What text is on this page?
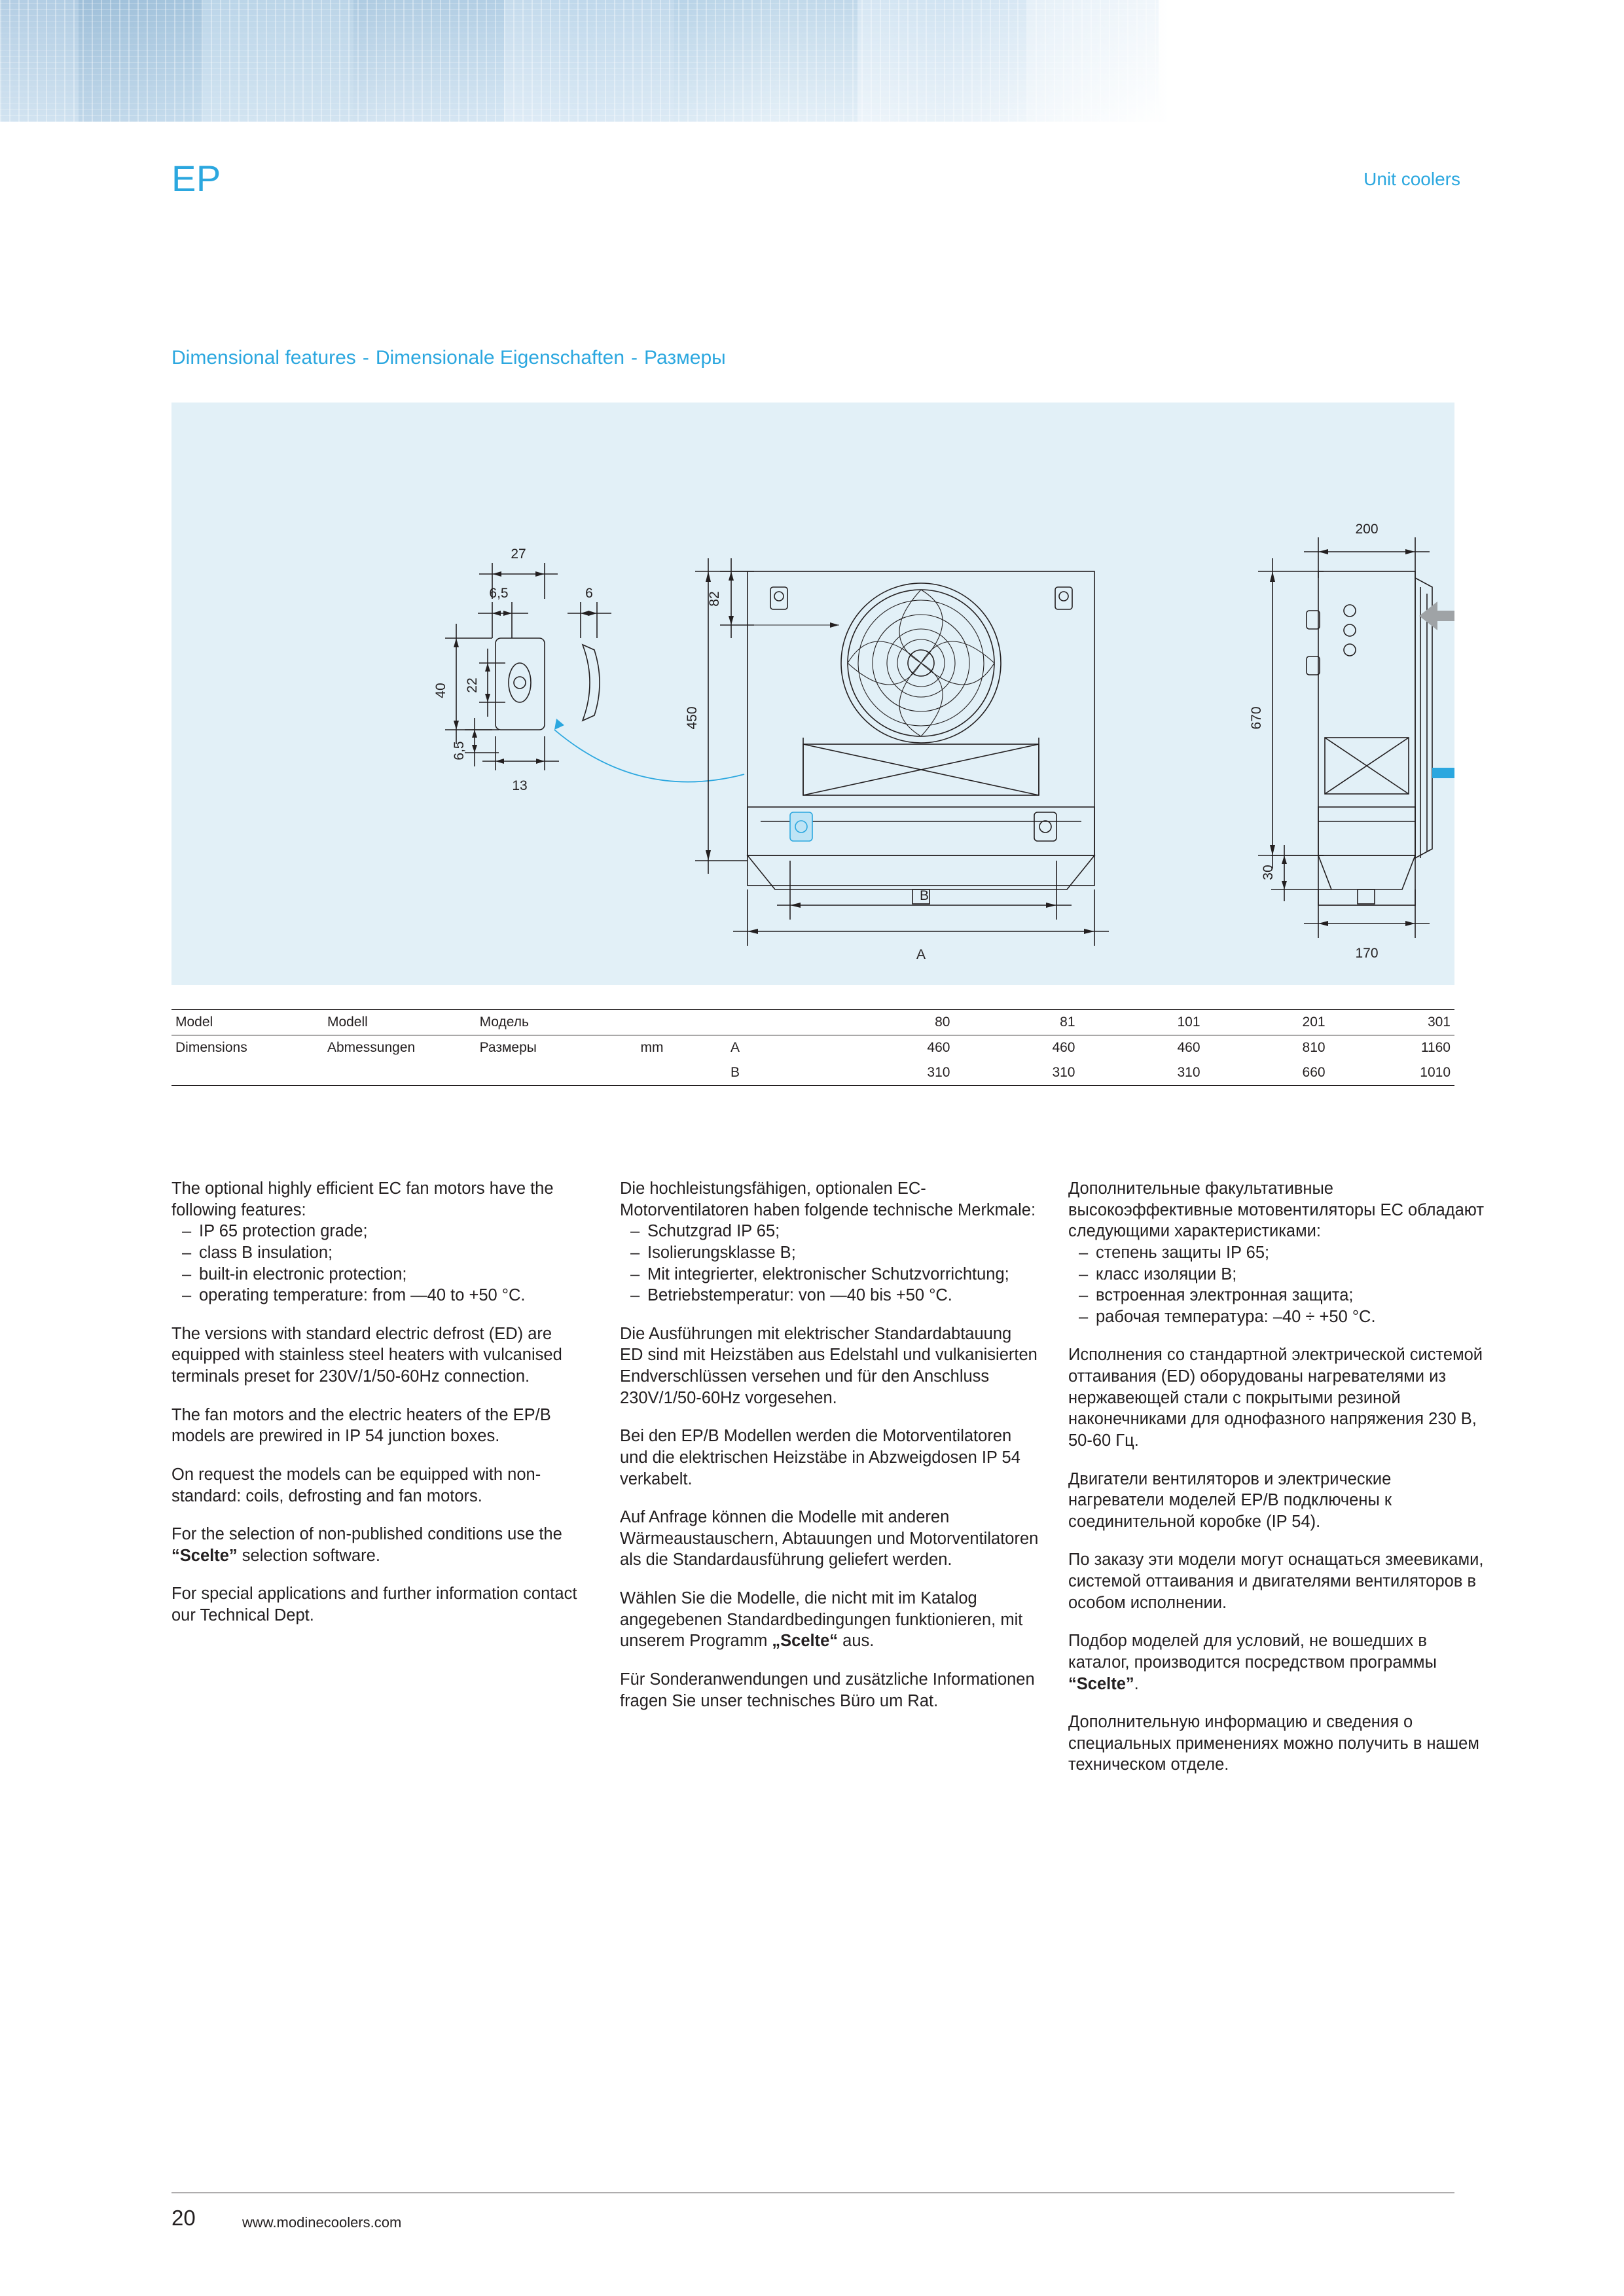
EP	Unit coolers
Dimensional features - Dimensionale Eigenschaften - Размеры
200
670
170
30
82
450
B
A
27
6,5	6
40 22
6,5
13
Model	Modell	Модель			80	81	101	201	301
Dimensions	Abmessungen	Размеры	mm	A	460	460	460	810	1160
				B	310	310	310	660	1010

The optional highly efficient EC fan motors have the following features:

– IP 65 protection grade;
– class B insulation;
– built-in electronic protection;
– operating temperature: from —40 to +50 °C.

The versions with standard electric defrost (ED) are equipped with stainless steel heaters with vulcanised terminals preset for 230V/1/50-60Hz connection.

The fan motors and the electric heaters of the EP/B models are prewired in IP 54 junction boxes.

On request the models can be equipped with non-standard: coils, defrosting and fan motors.

For the selection of non-published conditions use the “Scelte” selection software.

For special applications and further information contact our Technical Dept.

Die hochleistungsfähigen, optionalen EC-Motorventilatoren haben folgende technische Merkmale:

– Schutzgrad IP 65;
– Isolierungsklasse B;
– Mit integrierter, elektronischer Schutzvorrichtung;
– Betriebstemperatur: von —40 bis +50 °C.

Die Ausführungen mit elektrischer Standardabtauung ED sind mit Heizstäben aus Edelstahl und vulkanisierten Endverschlüssen versehen und für den Anschluss 230V/1/50-60Hz vorgesehen.

Bei den EP/B Modellen werden die Motorventilatoren und die elektrischen Heizstäbe in Abzweigdosen IP 54 verkabelt.

Auf Anfrage können die Modelle mit anderen Wärmeaustauschern, Abtauungen und Motorventilatoren als die Standardausführung geliefert werden.

Wählen Sie die Modelle, die nicht mit im Katalog angegebenen Standardbedingungen funktionieren, mit unserem Programm „Scelte“ aus.

Für Sonderanwendungen und zusätzliche Informationen fragen Sie unser technisches Büro um Rat.

Дополнительные факультативные высокоэффективные мотовентиляторы ЕС обладают следующими характеристиками:

– степень защиты IP 65;
– класс изоляции В;
– встроенная электронная защита;
– рабочая температура: –40 ÷ +50 °C.

Исполнения со стандартной электрической системой оттаивания (ED) оборудованы нагревателями из нержавеющей стали с покрытыми резиной наконечниками для однофазного напряжения 230 В, 50-60 Гц.

Двигатели вентиляторов и электрические нагреватели моделей ЕР/В подключены к соединительной коробке (IP 54).

По заказу эти модели могут оснащаться змеевиками, системой оттаивания и двигателями вентиляторов в особом исполнении.

Подбор моделей для условий, не вошедших в каталог, производится посредством программы “Scelte”.

Дополнительную информацию и сведения о специальных применениях можно получить в нашем техническом отделе.

20	www.modinecoolers.com
